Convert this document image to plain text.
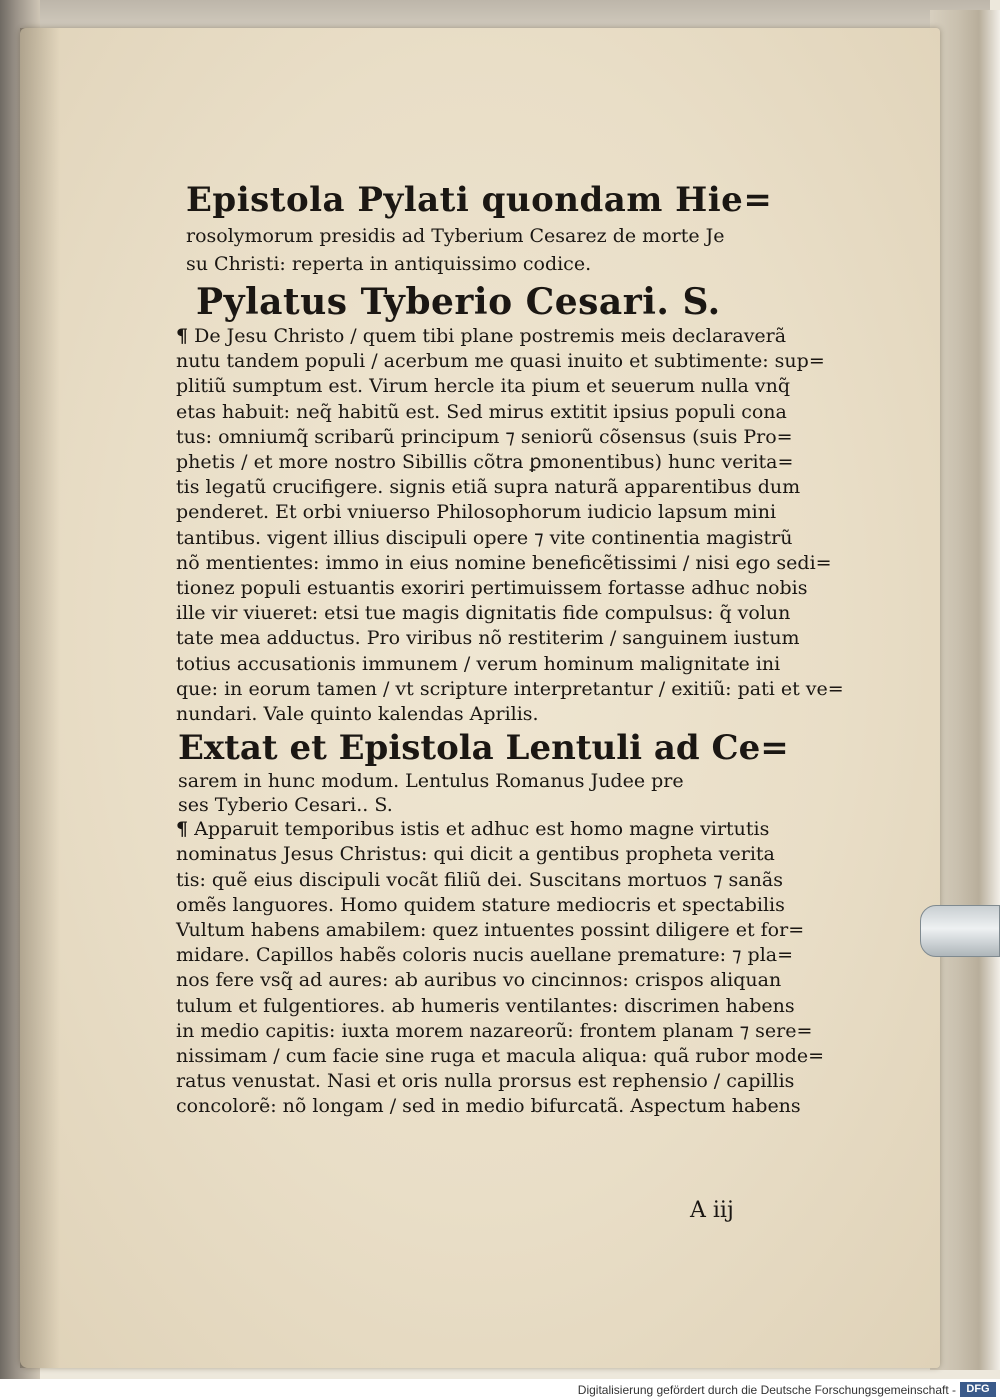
Epistola Pylati quondam Hie=
rosolymorum presidis ad Tyberium Cesarez de morte Je
su Christi: reperta in antiquissimo codice.
Pylatus Tyberio Cesari. S.
¶ De Jesu Christo / quem tibi plane postremis meis declaraverã
nutu tandem populi / acerbum me quasi inuito et subtimente: sup=
plitiũ sumptum est. Virum hercle ita pium et seuerum nulla vnq̃
etas habuit: neq̃ habitũ est. Sed mirus extitit ipsius populi cona
tus: omniumq̃ scribarũ principum ⁊ seniorũ cõsensus (suis Pro=
phetis / et more nostro Sibillis cõtra ꝑmonentibus) hunc verita=
tis legatũ crucifigere. signis etiã supra naturã apparentibus dum
penderet. Et orbi vniuerso Philosophorum iudicio lapsum mini
tantibus. vigent illius discipuli opere ⁊ vite continentia magistrũ
nõ mentientes: immo in eius nomine beneficẽtissimi / nisi ego sedi=
tionez populi estuantis exoriri pertimuissem fortasse adhuc nobis
ille vir viueret: etsi tue magis dignitatis fide compulsus: q̃ volun
tate mea adductus. Pro viribus nõ restiterim / sanguinem iustum
totius accusationis immunem / verum hominum malignitate ini
que: in eorum tamen / vt scripture interpretantur / exitiũ: pati et ve=
nundari. Vale quinto kalendas Aprilis.
Extat et Epistola Lentuli ad Ce=
sarem in hunc modum. Lentulus Romanus Judee pre
ses Tyberio Cesari.. S.
¶ Apparuit temporibus istis et adhuc est homo magne virtutis
nominatus Jesus Christus: qui dicit a gentibus propheta verita
tis: quẽ eius discipuli vocãt filiũ dei. Suscitans mortuos ⁊ sanãs
omẽs languores. Homo quidem stature mediocris et spectabilis
Vultum habens amabilem: quez intuentes possint diligere et for=
midare. Capillos habẽs coloris nucis auellane premature: ⁊ pla=
nos fere vsq̃ ad aures: ab auribus vo cincinnos: crispos aliquan
tulum et fulgentiores. ab humeris ventilantes: discrimen habens
in medio capitis: iuxta morem nazareorũ: frontem planam ⁊ sere=
nissimam / cum facie sine ruga et macula aliqua: quã rubor mode=
ratus venustat. Nasi et oris nulla prorsus est rephensio / capillis
concolorẽ: nõ longam / sed in medio bifurcatã. Aspectum habens
A iij
Digitalisierung gefördert durch die Deutsche Forschungsgemeinschaft - DFG
